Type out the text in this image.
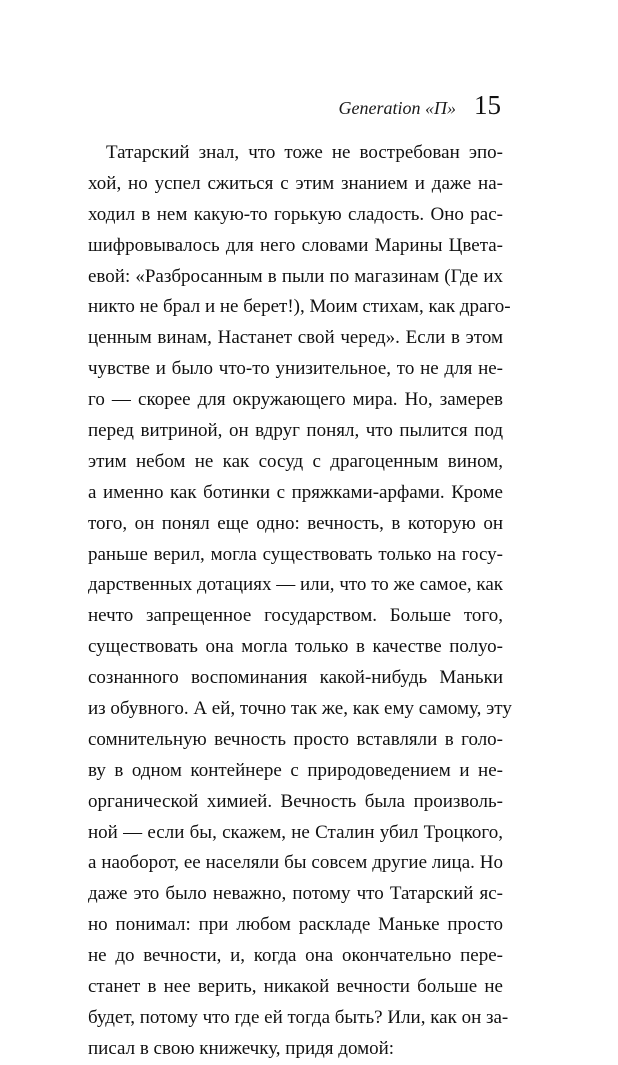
Generation «П» 15
Татарский знал, что тоже не востребован эпо-
хой, но успел сжиться с этим знанием и даже на-
ходил в нем какую-то горькую сладость. Оно рас-
шифровывалось для него словами Марины Цвета-
евой: «Разбросанным в пыли по магазинам (Где их
никто не брал и не берет!), Моим стихам, как драго-
ценным винам, Настанет свой черед». Если в этом
чувстве и было что-то унизительное, то не для не-
го — скорее для окружающего мира. Но, замерев
перед витриной, он вдруг понял, что пылится под
этим небом не как сосуд с драгоценным вином,
а именно как ботинки с пряжками-арфами. Кроме
того, он понял еще одно: вечность, в которую он
раньше верил, могла существовать только на госу-
дарственных дотациях — или, что то же самое, как
нечто запрещенное государством. Больше того,
существовать она могла только в качестве полуо-
сознанного воспоминания какой-нибудь Маньки
из обувного. А ей, точно так же, как ему самому, эту
сомнительную вечность просто вставляли в голо-
ву в одном контейнере с природоведением и не-
органической химией. Вечность была произволь-
ной — если бы, скажем, не Сталин убил Троцкого,
а наоборот, ее населяли бы совсем другие лица. Но
даже это было неважно, потому что Татарский яс-
но понимал: при любом раскладе Маньке просто
не до вечности, и, когда она окончательно пере-
станет в нее верить, никакой вечности больше не
будет, потому что где ей тогда быть? Или, как он за-
писал в свою книжечку, придя домой:
